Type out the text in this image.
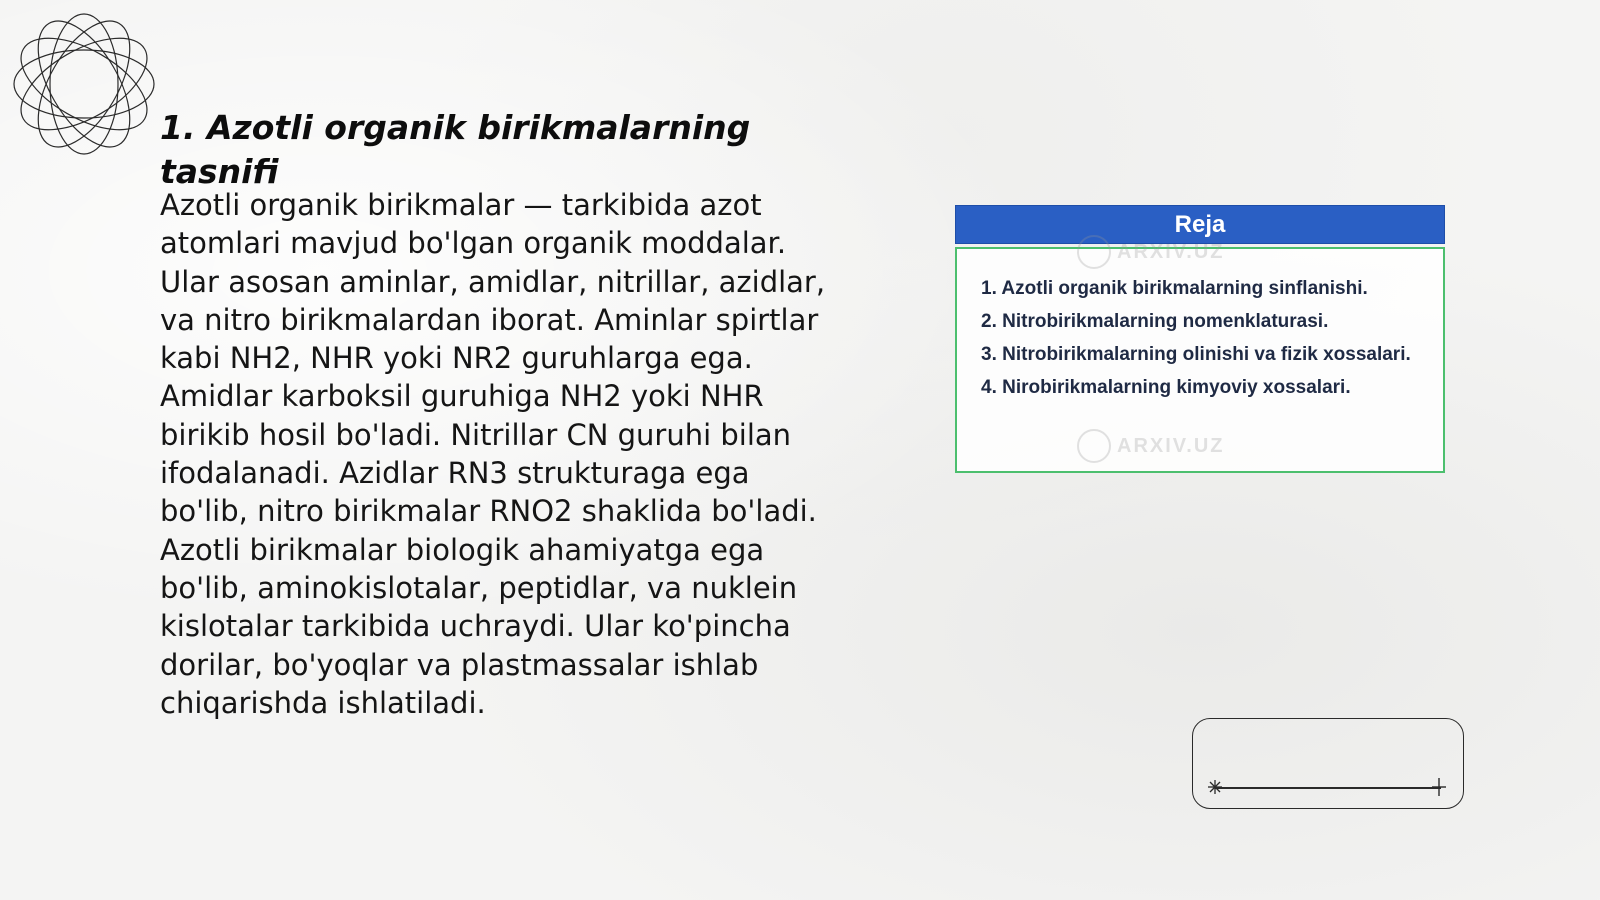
1. Azotli organik birikmalarning tasnifi

Azotli organik birikmalar — tarkibida azot atomlari mavjud bo'lgan organik moddalar. Ular asosan aminlar, amidlar, nitrillar, azidlar, va nitro birikmalardan iborat. Aminlar spirtlar kabi NH2, NHR yoki NR2 guruhlarga ega. Amidlar karboksil guruhiga NH2 yoki NHR birikib hosil bo'ladi. Nitrillar CN guruhi bilan ifodalanadi. Azidlar RN3 strukturaga ega bo'lib, nitro birikmalar RNO2 shaklida bo'ladi. Azotli birikmalar biologik ahamiyatga ega bo'lib, aminokislotalar, peptidlar, va nuklein kislotalar tarkibida uchraydi. Ular ko'pincha dorilar, bo'yoqlar va plastmassalar ishlab chiqarishda ishlatiladi.

Reja
ARXIV.UZ
ARXIV.UZ
1. Azotli organik birikmalarning sinflanishi.
2. Nitrobirikmalarning nomenklaturasi.
3. Nitrobirikmalarning olinishi va fizik xossalari.
4. Nirobirikmalarning kimyoviy xossalari.
